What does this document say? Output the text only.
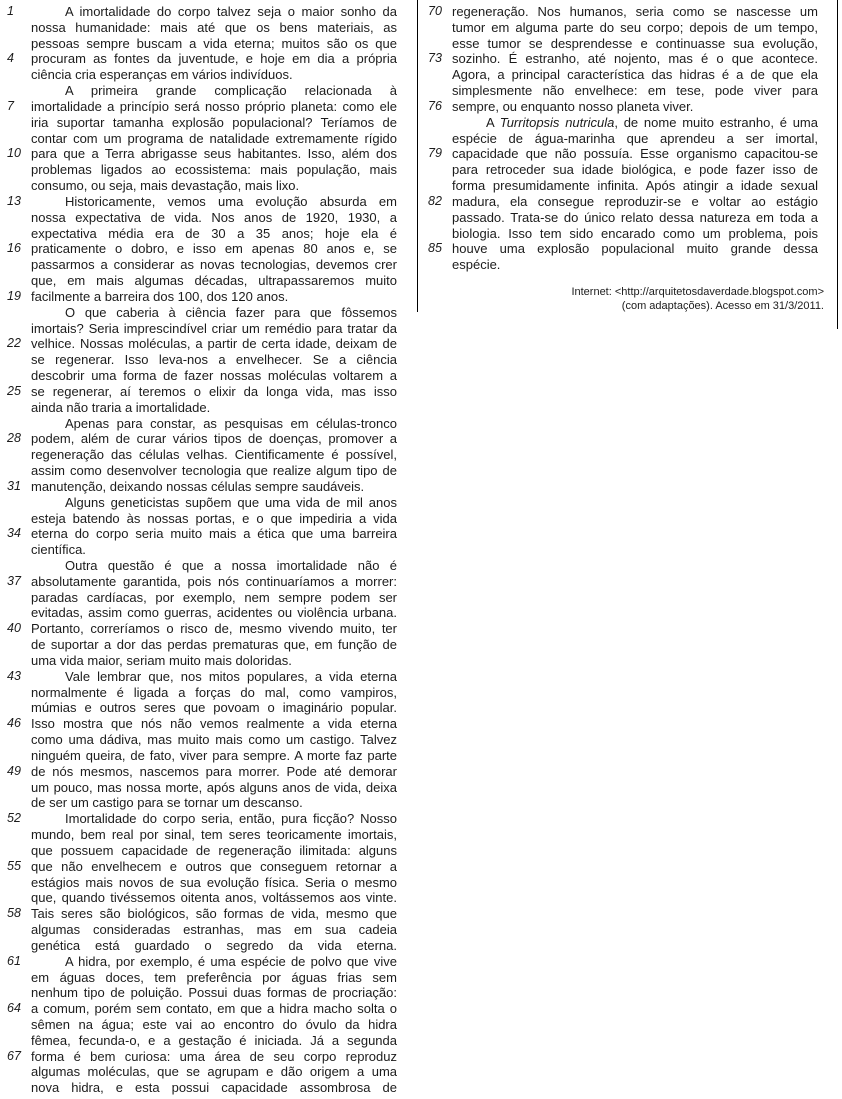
1	A imortalidade do corpo talvez seja o maior sonho da
nossa humanidade: mais até que os bens materiais, as
pessoas sempre buscam a vida eterna; muitos são os que
4	procuram as fontes da juventude, e hoje em dia a própria
ciência cria esperanças em vários indivíduos.
A primeira grande complicação relacionada à
7	imortalidade a princípio será nosso próprio planeta: como ele
iria suportar tamanha explosão populacional? Teríamos de
contar com um programa de natalidade extremamente rígido
10 para que a Terra abrigasse seus habitantes. Isso, além dos
problemas ligados ao ecossistema: mais população, mais
consumo, ou seja, mais devastação, mais lixo.
13	Historicamente, vemos uma evolução absurda em
nossa expectativa de vida. Nos anos de 1920, 1930, a
expectativa média era de 30 a 35 anos; hoje ela é
16 praticamente o dobro, e isso em apenas 80 anos e, se
passarmos a considerar as novas tecnologias, devemos crer
que, em mais algumas décadas, ultrapassaremos muito
19 facilmente a barreira dos 100, dos 120 anos.
O que caberia à ciência fazer para que fôssemos
imortais? Seria imprescindível criar um remédio para tratar da
22 velhice. Nossas moléculas, a partir de certa idade, deixam de
se regenerar. Isso leva-nos a envelhecer. Se a ciência
descobrir uma forma de fazer nossas moléculas voltarem a
25 se regenerar, aí teremos o elixir da longa vida, mas isso
ainda não traria a imortalidade.
Apenas para constar, as pesquisas em células-tronco
28 podem, além de curar vários tipos de doenças, promover a
regeneração das células velhas. Cientificamente é possível,
assim como desenvolver tecnologia que realize algum tipo de
31 manutenção, deixando nossas células sempre saudáveis.
Alguns geneticistas supõem que uma vida de mil anos
esteja batendo às nossas portas, e o que impediria a vida
34 eterna do corpo seria muito mais a ética que uma barreira
científica.
Outra questão é que a nossa imortalidade não é
37 absolutamente garantida, pois nós continuaríamos a morrer:
paradas cardíacas, por exemplo, nem sempre podem ser
evitadas, assim como guerras, acidentes ou violência urbana.
40 Portanto, correríamos o risco de, mesmo vivendo muito, ter
de suportar a dor das perdas prematuras que, em função de
uma vida maior, seriam muito mais doloridas.
43	Vale lembrar que, nos mitos populares, a vida eterna
normalmente é ligada a forças do mal, como vampiros,
múmias e outros seres que povoam o imaginário popular.
46 Isso mostra que nós não vemos realmente a vida eterna
como uma dádiva, mas muito mais como um castigo. Talvez
ninguém queira, de fato, viver para sempre. A morte faz parte
49 de nós mesmos, nascemos para morrer. Pode até demorar
um pouco, mas nossa morte, após alguns anos de vida, deixa
de ser um castigo para se tornar um descanso.
52	Imortalidade do corpo seria, então, pura ficção? Nosso
mundo, bem real por sinal, tem seres teoricamente imortais,
que possuem capacidade de regeneração ilimitada: alguns
55 que não envelhecem e outros que conseguem retornar a
estágios mais novos de sua evolução física. Seria o mesmo
que, quando tivéssemos oitenta anos, voltássemos aos vinte.
58 Tais seres são biológicos, são formas de vida, mesmo que
algumas consideradas estranhas, mas em sua cadeia
genética está guardado o segredo da vida eterna.
61	A hidra, por exemplo, é uma espécie de polvo que vive
em águas doces, tem preferência por águas frias sem
nenhum tipo de poluição. Possui duas formas de procriação:
64 a comum, porém sem contato, em que a hidra macho solta o
sêmen na água; este vai ao encontro do óvulo da hidra
fêmea, fecunda-o, e a gestação é iniciada. Já a segunda
67 forma é bem curiosa: uma área de seu corpo reproduz
algumas moléculas, que se agrupam e dão origem a uma
nova hidra, e esta possui capacidade assombrosa de
70 regeneração. Nos humanos, seria como se nascesse um
tumor em alguma parte do seu corpo; depois de um tempo,
esse tumor se desprendesse e continuasse sua evolução,
73 sozinho. É estranho, até nojento, mas é o que acontece.
Agora, a principal característica das hidras é a de que ela
simplesmente não envelhece: em tese, pode viver para
76 sempre, ou enquanto nosso planeta viver.
A Turritopsis nutricula, de nome muito estranho, é uma
espécie de água-marinha que aprendeu a ser imortal,
79 capacidade que não possuía. Esse organismo capacitou-se
para retroceder sua idade biológica, e pode fazer isso de
forma presumidamente infinita. Após atingir a idade sexual
82 madura, ela consegue reproduzir-se e voltar ao estágio
passado. Trata-se do único relato dessa natureza em toda a
biologia. Isso tem sido encarado como um problema, pois
85 houve uma explosão populacional muito grande dessa
espécie.
Internet: <http://arquitetosdaverdade.blogspot.com>
(com adaptações). Acesso em 31/3/2011.
